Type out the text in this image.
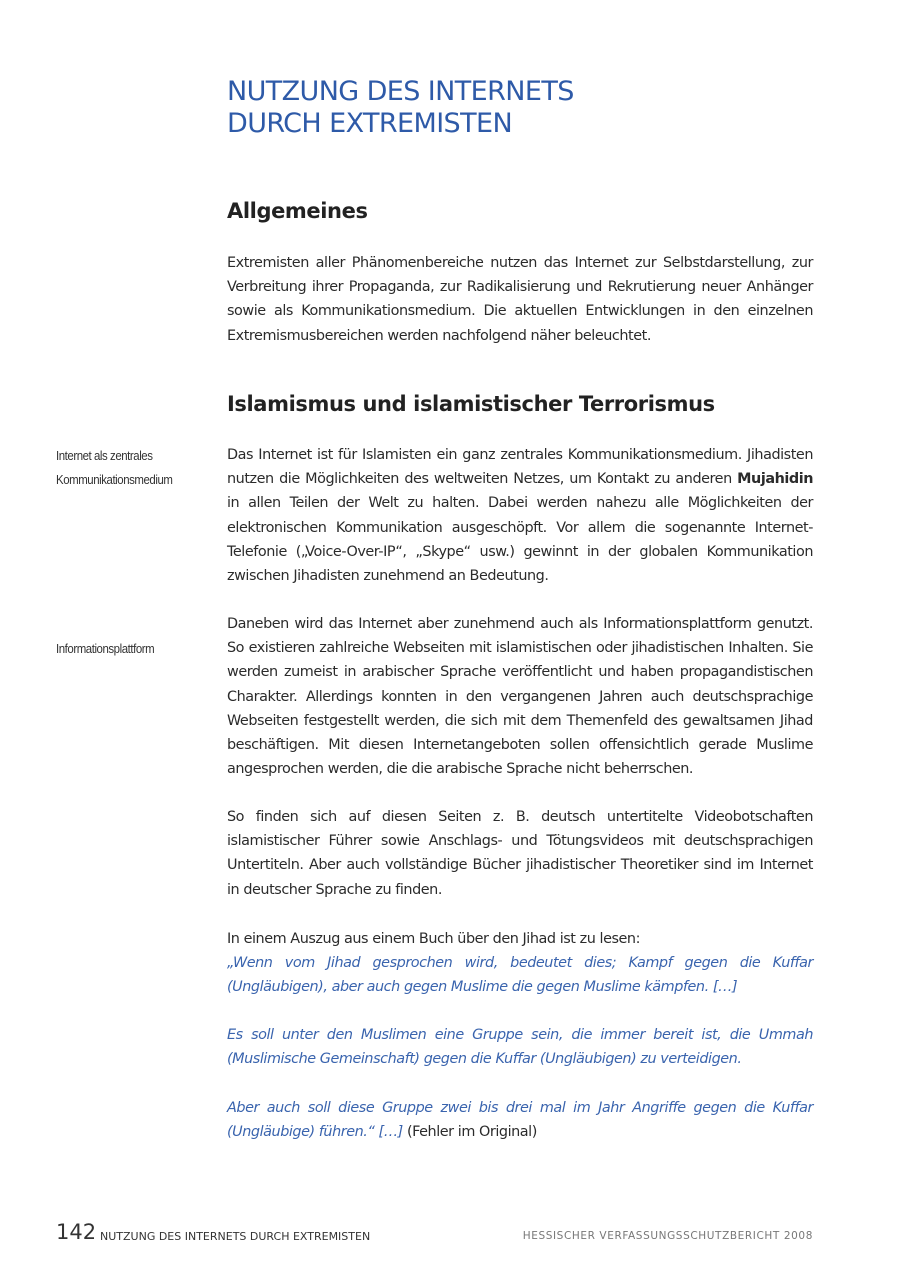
NUTZUNG DES INTERNETS
DURCH EXTREMISTEN
Allgemeines

Extremisten aller Phänomenbereiche nutzen das Internet zur Selbstdarstellung, zur Verbreitung ihrer Propaganda, zur Radikalisierung und Rekrutierung neuer Anhänger sowie als Kommunikationsmedium. Die aktuellen Entwicklungen in den einzelnen Extremismusbereichen werden nachfolgend näher beleuchtet.

Islamismus und islamistischer Terrorismus
Internet als zentrales
Kommunikationsmedium

Das Internet ist für Islamisten ein ganz zentrales Kommunikationsmedium. Jihadisten nutzen die Möglichkeiten des weltweiten Netzes, um Kontakt zu anderen Mujahidin in allen Teilen der Welt zu halten. Dabei werden nahezu alle Möglichkeiten der elektronischen Kommunikation ausgeschöpft. Vor allem die sogenannte Internet-Telefonie („Voice-Over-IP“, „Skype“ usw.) gewinnt in der globalen Kommunikation zwischen Jihadisten zunehmend an Bedeutung.

Informationsplattform

Daneben wird das Internet aber zunehmend auch als Informationsplattform genutzt. So existieren zahlreiche Webseiten mit islamistischen oder jihadistischen Inhalten. Sie werden zumeist in arabischer Sprache veröffentlicht und haben propagandistischen Charakter. Allerdings konnten in den vergangenen Jahren auch deutschsprachige Webseiten festgestellt werden, die sich mit dem Themenfeld des gewaltsamen Jihad beschäftigen. Mit diesen Internetangeboten sollen offensichtlich gerade Muslime angesprochen werden, die die arabische Sprache nicht beherrschen.

So finden sich auf diesen Seiten z. B. deutsch untertitelte Videobotschaften islamistischer Führer sowie Anschlags- und Tötungsvideos mit deutschsprachigen Untertiteln. Aber auch vollständige Bücher jihadistischer Theoretiker sind im Internet in deutscher Sprache zu finden.

In einem Auszug aus einem Buch über den Jihad ist zu lesen:
„Wenn vom Jihad gesprochen wird, bedeutet dies; Kampf gegen die Kuffar (Ungläubigen), aber auch gegen Muslime die gegen Muslime kämpfen. […]

Es soll unter den Muslimen eine Gruppe sein, die immer bereit ist, die Ummah (Muslimische Gemeinschaft) gegen die Kuffar (Ungläubigen) zu verteidigen.

Aber auch soll diese Gruppe zwei bis drei mal im Jahr Angriffe gegen die Kuffar (Ungläubige) führen.“ […] (Fehler im Original)

142 NUTZUNG DES INTERNETS DURCH EXTREMISTEN	HESSISCHER VERFASSUNGSSCHUTZBERICHT 2008
